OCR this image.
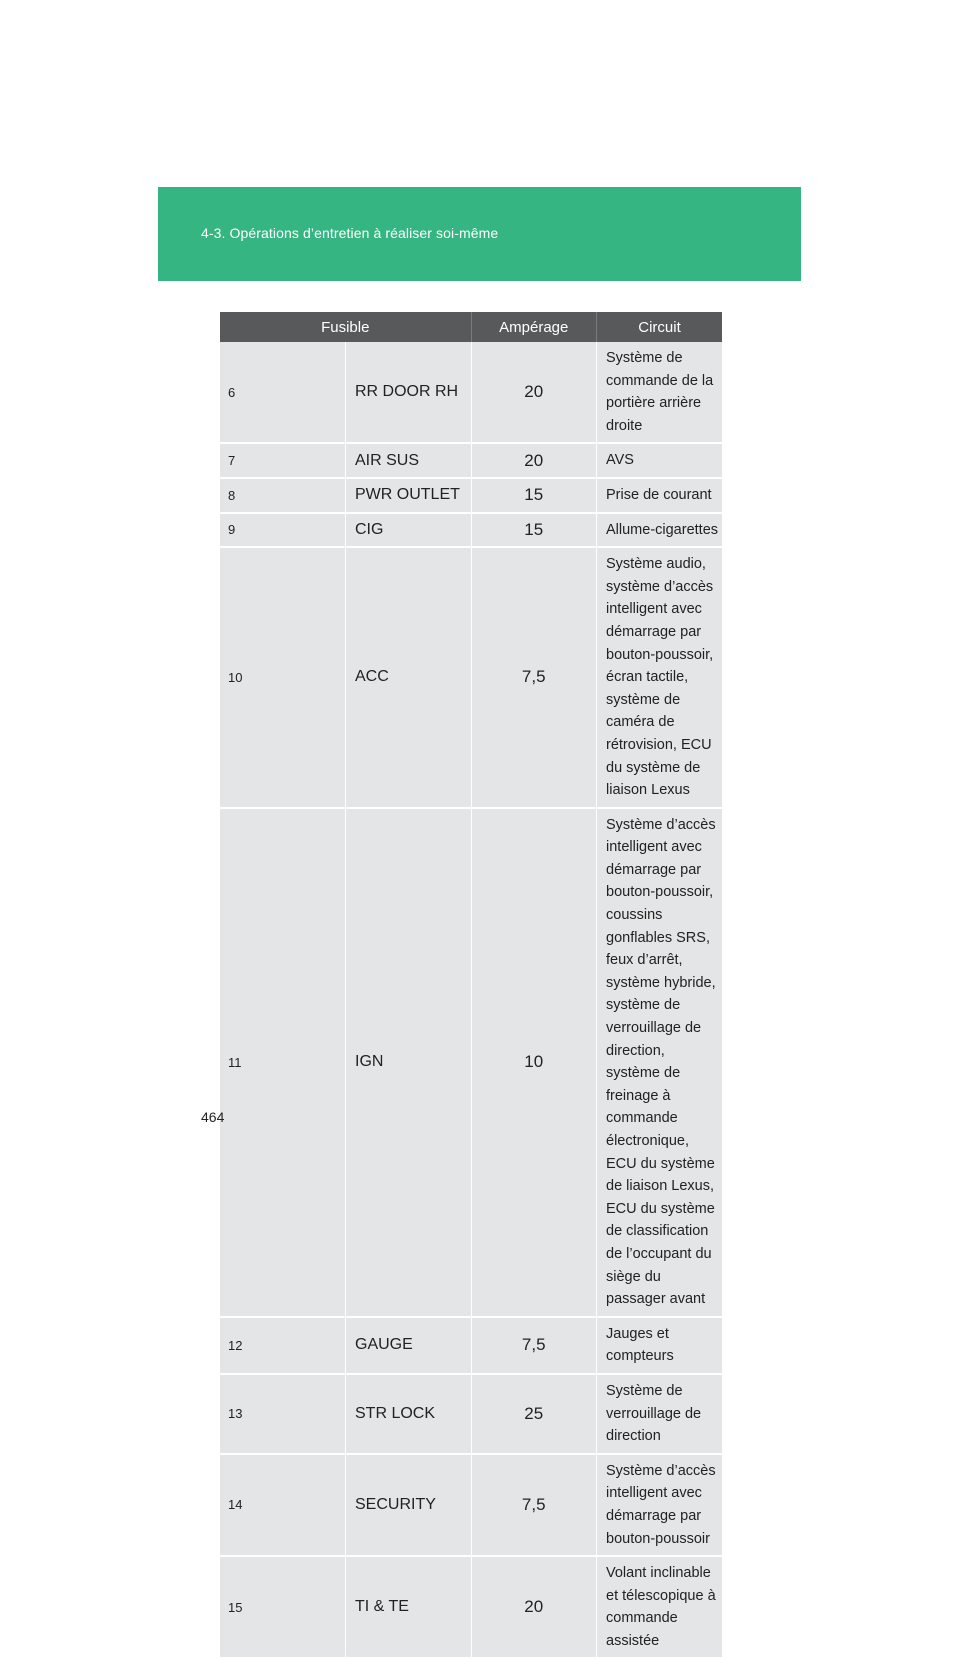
4-3. Opérations d’entretien à réaliser soi-même
Fusible		Ampérage	Circuit
6	RR DOOR RH	20	Système de commande de la portière arrière droite
7	AIR SUS	20	AVS
8	PWR OUTLET	15	Prise de courant
9	CIG	15	Allume-cigarettes
10	ACC	7,5	Système audio, système d’accès intelligent avec démarrage par bouton-poussoir, écran tactile, système de caméra de rétrovision, ECU du système de liaison Lexus
11	IGN	10	Système d’accès intelligent avec démarrage par bouton-poussoir, coussins gonflables SRS, feux d’arrêt, système hybride, système de verrouillage de direction, système de freinage à commande électronique, ECU du système de liaison Lexus, ECU du système de classification de l’occupant du siège du passager avant
12	GAUGE	7,5	Jauges et compteurs
13	STR LOCK	25	Système de verrouillage de direction
14	SECURITY	7,5	Système d’accès intelligent avec démarrage par bouton-poussoir
15	TI & TE	20	Volant inclinable et télescopique à commande assistée
464
